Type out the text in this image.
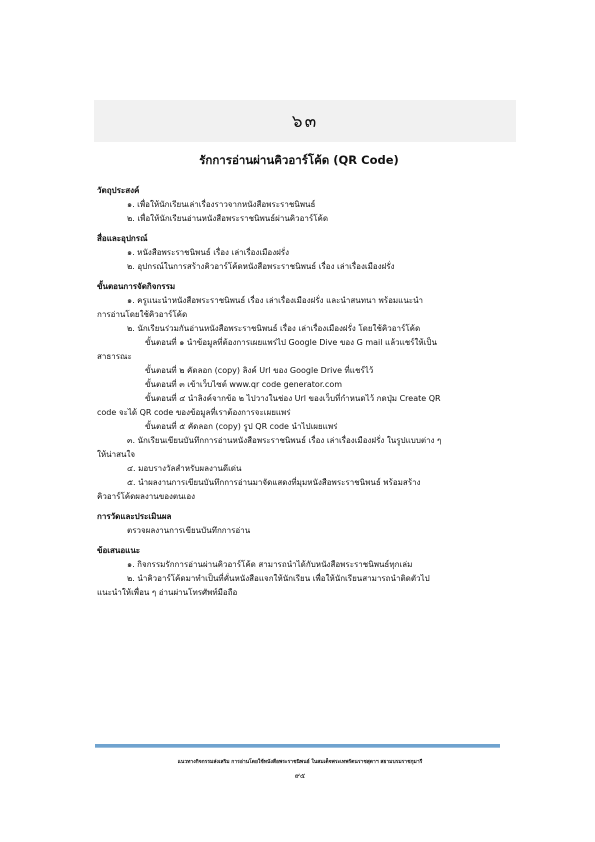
๖๓
รักการอ่านผ่านคิวอาร์โค้ด (QR Code)
วัตถุประสงค์
๑. เพื่อให้นักเรียนเล่าเรื่องราวจากหนังสือพระราชนิพนธ์
๒. เพื่อให้นักเรียนอ่านหนังสือพระราชนิพนธ์ผ่านคิวอาร์โค้ด
สื่อและอุปกรณ์
๑. หนังสือพระราชนิพนธ์ เรื่อง เล่าเรื่องเมืองฝรั่ง
๒. อุปกรณ์ในการสร้างคิวอาร์โค้ดหนังสือพระราชนิพนธ์ เรื่อง เล่าเรื่องเมืองฝรั่ง
ขั้นตอนการจัดกิจกรรม
๑. ครูแนะนำหนังสือพระราชนิพนธ์ เรื่อง เล่าเรื่องเมืองฝรั่ง และนำสนทนา พร้อมแนะนำ
การอ่านโดยใช้คิวอาร์โค้ด
๒. นักเรียนร่วมกันอ่านหนังสือพระราชนิพนธ์ เรื่อง เล่าเรื่องเมืองฝรั่ง โดยใช้คิวอาร์โค้ด
ขั้นตอนที่ ๑ นำข้อมูลที่ต้องการเผยแพร่ไป Google Dive ของ G mail แล้วแชร์ให้เป็น
สาธารณะ
ขั้นตอนที่ ๒ คัดลอก (copy) ลิงค์ Url ของ Google Drive ที่แชร์ไว้
ขั้นตอนที่ ๓ เข้าเว็บไซต์ www.qr code generator.com
ขั้นตอนที่ ๔ นำลิงค์จากข้อ ๒ ไปวางในช่อง Url ของเว็บที่กำหนดไว้ กดปุ่ม Create QR
code จะได้ QR code ของข้อมูลที่เราต้องการจะเผยแพร่
ขั้นตอนที่ ๕ คัดลอก (copy) รูป QR code นำไปเผยแพร่
๓. นักเรียนเขียนบันทึกการอ่านหนังสือพระราชนิพนธ์ เรื่อง เล่าเรื่องเมืองฝรั่ง ในรูปแบบต่าง ๆ
ให้น่าสนใจ
๔. มอบรางวัลสำหรับผลงานดีเด่น
๕. นำผลงานการเขียนบันทึกการอ่านมาจัดแสดงที่มุมหนังสือพระราชนิพนธ์ พร้อมสร้าง
คิวอาร์โค้ดผลงานของตนเอง
การวัดและประเมินผล
ตรวจผลงานการเขียนบันทึกการอ่าน
ข้อเสนอแนะ
๑. กิจกรรมรักการอ่านผ่านคิวอาร์โค้ด สามารถนำได้กับหนังสือพระราชนิพนธ์ทุกเล่ม
๒. นำคิวอาร์โค้ดมาทำเป็นที่คั่นหนังสือแจกให้นักเรียน เพื่อให้นักเรียนสามารถนำติดตัวไป
แนะนำให้เพื่อน ๆ อ่านผ่านโทรศัพท์มือถือ
แนวทางกิจกรรมส่งเสริม การอ่านโดยใช้หนังสือพระราชนิพนธ์ ในสมเด็จพระเทพรัตนราชสุดาฯ สยามบรมราชกุมารี
๙๕
